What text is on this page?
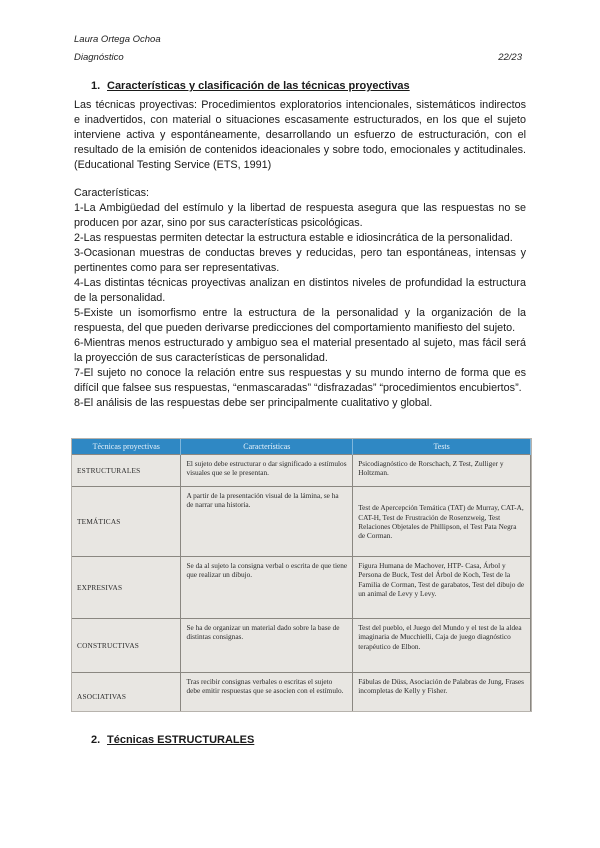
Laura Ortega Ochoa
Diagnóstico	22/23
1. Características y clasificación de las técnicas proyectivas
Las técnicas proyectivas: Procedimientos exploratorios intencionales, sistemáticos indirectos e inadvertidos, con material o situaciones escasamente estructurados, en los que el sujeto interviene activa y espontáneamente, desarrollando un esfuerzo de estructuración, con el resultado de la emisión de contenidos ideacionales y sobre todo, emocionales y actitudinales. (Educational Testing Service (ETS, 1991)
Características:
1-La Ambigüedad del estímulo y la libertad de respuesta asegura que las respuestas no se producen por azar, sino por sus características psicológicas.
2-Las respuestas permiten detectar la estructura estable e idiosincrática de la personalidad.
3-Ocasionan muestras de conductas breves y reducidas, pero tan espontáneas, intensas y pertinentes como para ser representativas.
4-Las distintas técnicas proyectivas analizan en distintos niveles de profundidad la estructura de la personalidad.
5-Existe un isomorfismo entre la estructura de la personalidad y la organización de la respuesta, del que pueden derivarse predicciones del comportamiento manifiesto del sujeto.
6-Mientras menos estructurado y ambiguo sea el material presentado al sujeto, mas fácil será la proyección de sus características de personalidad.
7-El sujeto no conoce la relación entre sus respuestas y su mundo interno de forma que es difícil que falsee sus respuestas, “enmascaradas” “disfrazadas” “procedimientos encubiertos”.
8-El análisis de las respuestas debe ser principalmente cualitativo y global.
Técnicas proyectivas	Características	Tests
ESTRUCTURALES	El sujeto debe estructurar o dar significado a estímulos visuales que se le presentan.	Psicodiagnóstico de Rorschach, Z Test, Zulliger y Holtzman.
TEMÁTICAS	A partir de la presentación visual de la lámina, se ha de narrar una historia.	Test de Apercepción Temática (TAT) de Murray, CAT-A, CAT-H, Test de Frustración de Rosenzweig, Test Relaciones Objetales de Phillipson, el Test Pata Negra de Corman.
EXPRESIVAS	Se da al sujeto la consigna verbal o escrita de que tiene que realizar un dibujo.	Figura Humana de Machover, HTP- Casa, Árbol y Persona de Buck, Test del Árbol de Koch, Test de la Familia de Corman, Test de garabatos, Test del dibujo de un animal de Levy y Levy.
CONSTRUCTIVAS	Se ha de organizar un material dado sobre la base de distintas consignas.	Test del pueblo, el Juego del Mundo y el test de la aldea imaginaria de Mucchielli, Caja de juego diagnóstico terapéutico de Elbon.
ASOCIATIVAS	Tras recibir consignas verbales o escritas el sujeto debe emitir respuestas que se asocien con el estímulo.	Fábulas de Düss, Asociación de Palabras de Jung, Frases incompletas de Kelly y Fisher.
2. Técnicas ESTRUCTURALES
